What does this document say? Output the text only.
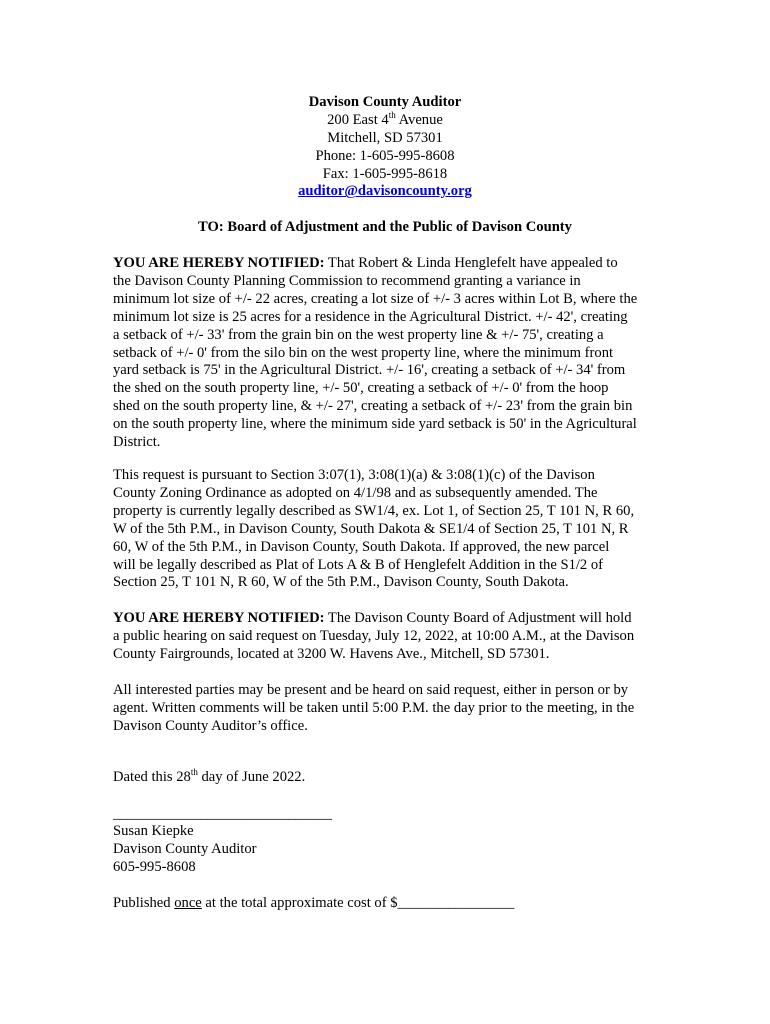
Davison County Auditor
200 East 4th Avenue
Mitchell, SD 57301
Phone: 1-605-995-8608
Fax: 1-605-995-8618
auditor@davisoncounty.org
TO: Board of Adjustment and the Public of Davison County
YOU ARE HEREBY NOTIFIED: That Robert & Linda Henglefelt have appealed to
the Davison County Planning Commission to recommend granting a variance in
minimum lot size of +/- 22 acres, creating a lot size of +/- 3 acres within Lot B, where the
minimum lot size is 25 acres for a residence in the Agricultural District. +/- 42', creating
a setback of +/- 33' from the grain bin on the west property line & +/- 75', creating a
setback of +/- 0' from the silo bin on the west property line, where the minimum front
yard setback is 75' in the Agricultural District. +/- 16', creating a setback of +/- 34' from
the shed on the south property line, +/- 50', creating a setback of +/- 0' from the hoop
shed on the south property line, & +/- 27', creating a setback of +/- 23' from the grain bin
on the south property line, where the minimum side yard setback is 50' in the Agricultural
District.
This request is pursuant to Section 3:07(1), 3:08(1)(a) & 3:08(1)(c) of the Davison
County Zoning Ordinance as adopted on 4/1/98 and as subsequently amended. The
property is currently legally described as SW1/4, ex. Lot 1, of Section 25, T 101 N, R 60,
W of the 5th P.M., in Davison County, South Dakota & SE1/4 of Section 25, T 101 N, R
60, W of the 5th P.M., in Davison County, South Dakota. If approved, the new parcel
will be legally described as Plat of Lots A & B of Henglefelt Addition in the S1/2 of
Section 25, T 101 N, R 60, W of the 5th P.M., Davison County, South Dakota.
YOU ARE HEREBY NOTIFIED: The Davison County Board of Adjustment will hold
a public hearing on said request on Tuesday, July 12, 2022, at 10:00 A.M., at the Davison
County Fairgrounds, located at 3200 W. Havens Ave., Mitchell, SD 57301.
All interested parties may be present and be heard on said request, either in person or by
agent. Written comments will be taken until 5:00 P.M. the day prior to the meeting, in the
Davison County Auditor’s office.
Dated this 28th day of June 2022.
______________________________
Susan Kiepke
Davison County Auditor
605-995-8608
Published once at the total approximate cost of $________________
